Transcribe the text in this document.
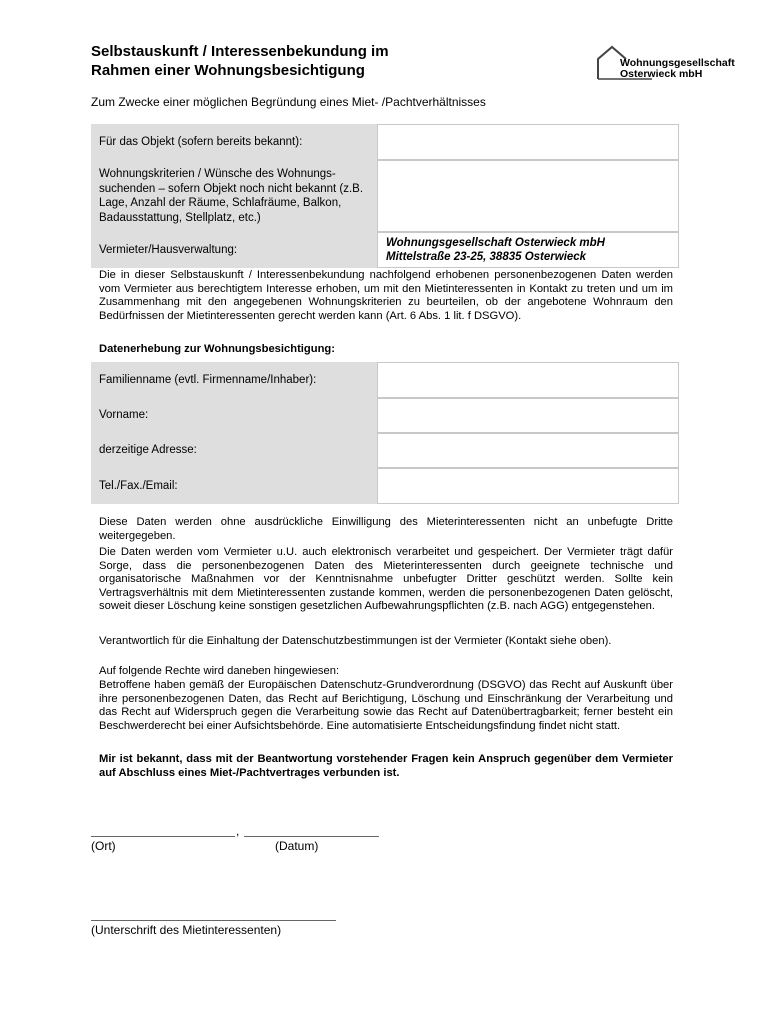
Selbstauskunft / Interessenbekundung im
Rahmen einer Wohnungsbesichtigung	Wohnungsgesellschaft
Osterwieck mbH
Zum Zwecke einer möglichen Begründung eines Miet- /Pachtverhältnisses
Für das Objekt (sofern bereits bekannt):
Wohnungskriterien / Wünsche des Wohnungs-suchenden – sofern Objekt noch nicht bekannt (z.B. Lage, Anzahl der Räume, Schlafräume, Balkon, Badausstattung, Stellplatz, etc.)
Vermieter/Hausverwaltung:
Wohnungsgesellschaft Osterwieck mbH
Mittelstraße 23-25, 38835 Osterwieck
Die in dieser Selbstauskunft / Interessenbekundung nachfolgend erhobenen personenbezogenen Daten werden vom Vermieter aus berechtigtem Interesse erhoben, um mit den Mietinteressenten in Kontakt zu treten und um im Zusammenhang mit den angegebenen Wohnungskriterien zu beurteilen, ob der angebotene Wohnraum den Bedürfnissen der Mietinteressenten gerecht werden kann (Art. 6 Abs. 1 lit. f DSGVO).
Datenerhebung zur Wohnungsbesichtigung:
Familienname (evtl. Firmenname/Inhaber):
Vorname:
derzeitige Adresse:
Tel./Fax./Email:
Diese Daten werden ohne ausdrückliche Einwilligung des Mieterinteressenten nicht an unbefugte Dritte weitergegeben.
Die Daten werden vom Vermieter u.U. auch elektronisch verarbeitet und gespeichert. Der Vermieter trägt dafür Sorge, dass die personenbezogenen Daten des Mieterinteressenten durch geeignete technische und organisatorische Maßnahmen vor der Kenntnisnahme unbefugter Dritter geschützt werden. Sollte kein Vertragsverhältnis mit dem Mietinteressenten zustande kommen, werden die personenbezogenen Daten gelöscht, soweit dieser Löschung keine sonstigen gesetzlichen Aufbewahrungspflichten (z.B. nach AGG) entgegenstehen.
Verantwortlich für die Einhaltung der Datenschutzbestimmungen ist der Vermieter (Kontakt siehe oben).
Auf folgende Rechte wird daneben hingewiesen:
Betroffene haben gemäß der Europäischen Datenschutz-Grundverordnung (DSGVO) das Recht auf Auskunft über ihre personenbezogenen Daten, das Recht auf Berichtigung, Löschung und Einschränkung der Verarbeitung und das Recht auf Widerspruch gegen die Verarbeitung sowie das Recht auf Datenübertragbarkeit; ferner besteht ein Beschwerderecht bei einer Aufsichtsbehörde. Eine automatisierte Entscheidungsfindung findet nicht statt.
Mir ist bekannt, dass mit der Beantwortung vorstehender Fragen kein Anspruch gegenüber dem Vermieter auf Abschluss eines Miet-/Pachtvertrages verbunden ist.
,
(Ort)	(Datum)
(Unterschrift des Mietinteressenten)
